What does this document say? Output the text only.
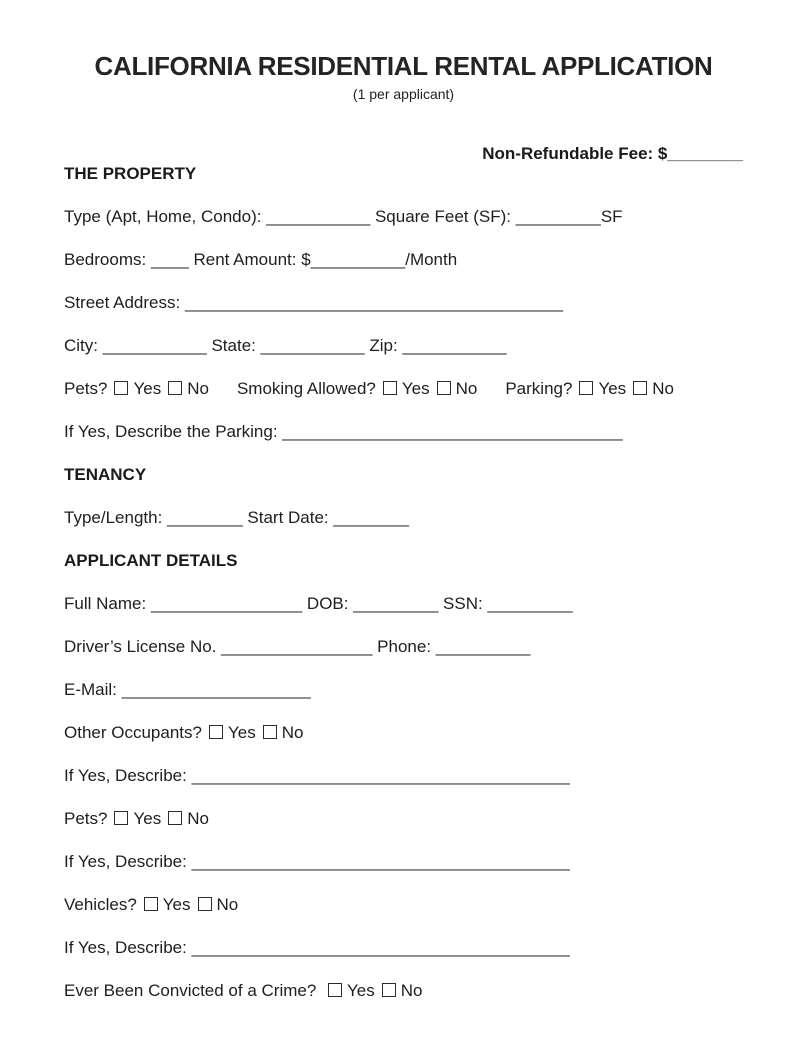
CALIFORNIA RESIDENTIAL RENTAL APPLICATION
(1 per applicant)
Non-Refundable Fee: $________
THE PROPERTY
Type (Apt, Home, Condo): ___________ Square Feet (SF): _________SF
Bedrooms: ____ Rent Amount: $__________/Month
Street Address: ________________________________________
City: ___________ State: ___________ Zip: ___________
Pets? Yes No Smoking Allowed? Yes No Parking? Yes No
If Yes, Describe the Parking: ____________________________________
TENANCY
Type/Length: ________ Start Date: ________
APPLICANT DETAILS
Full Name: ________________ DOB: _________ SSN: _________
Driver’s License No. ________________ Phone: __________
E-Mail: ____________________
Other Occupants? Yes No
If Yes, Describe: ________________________________________
Pets? Yes No
If Yes, Describe: ________________________________________
Vehicles? Yes No
If Yes, Describe: ________________________________________
Ever Been Convicted of a Crime? Yes No
